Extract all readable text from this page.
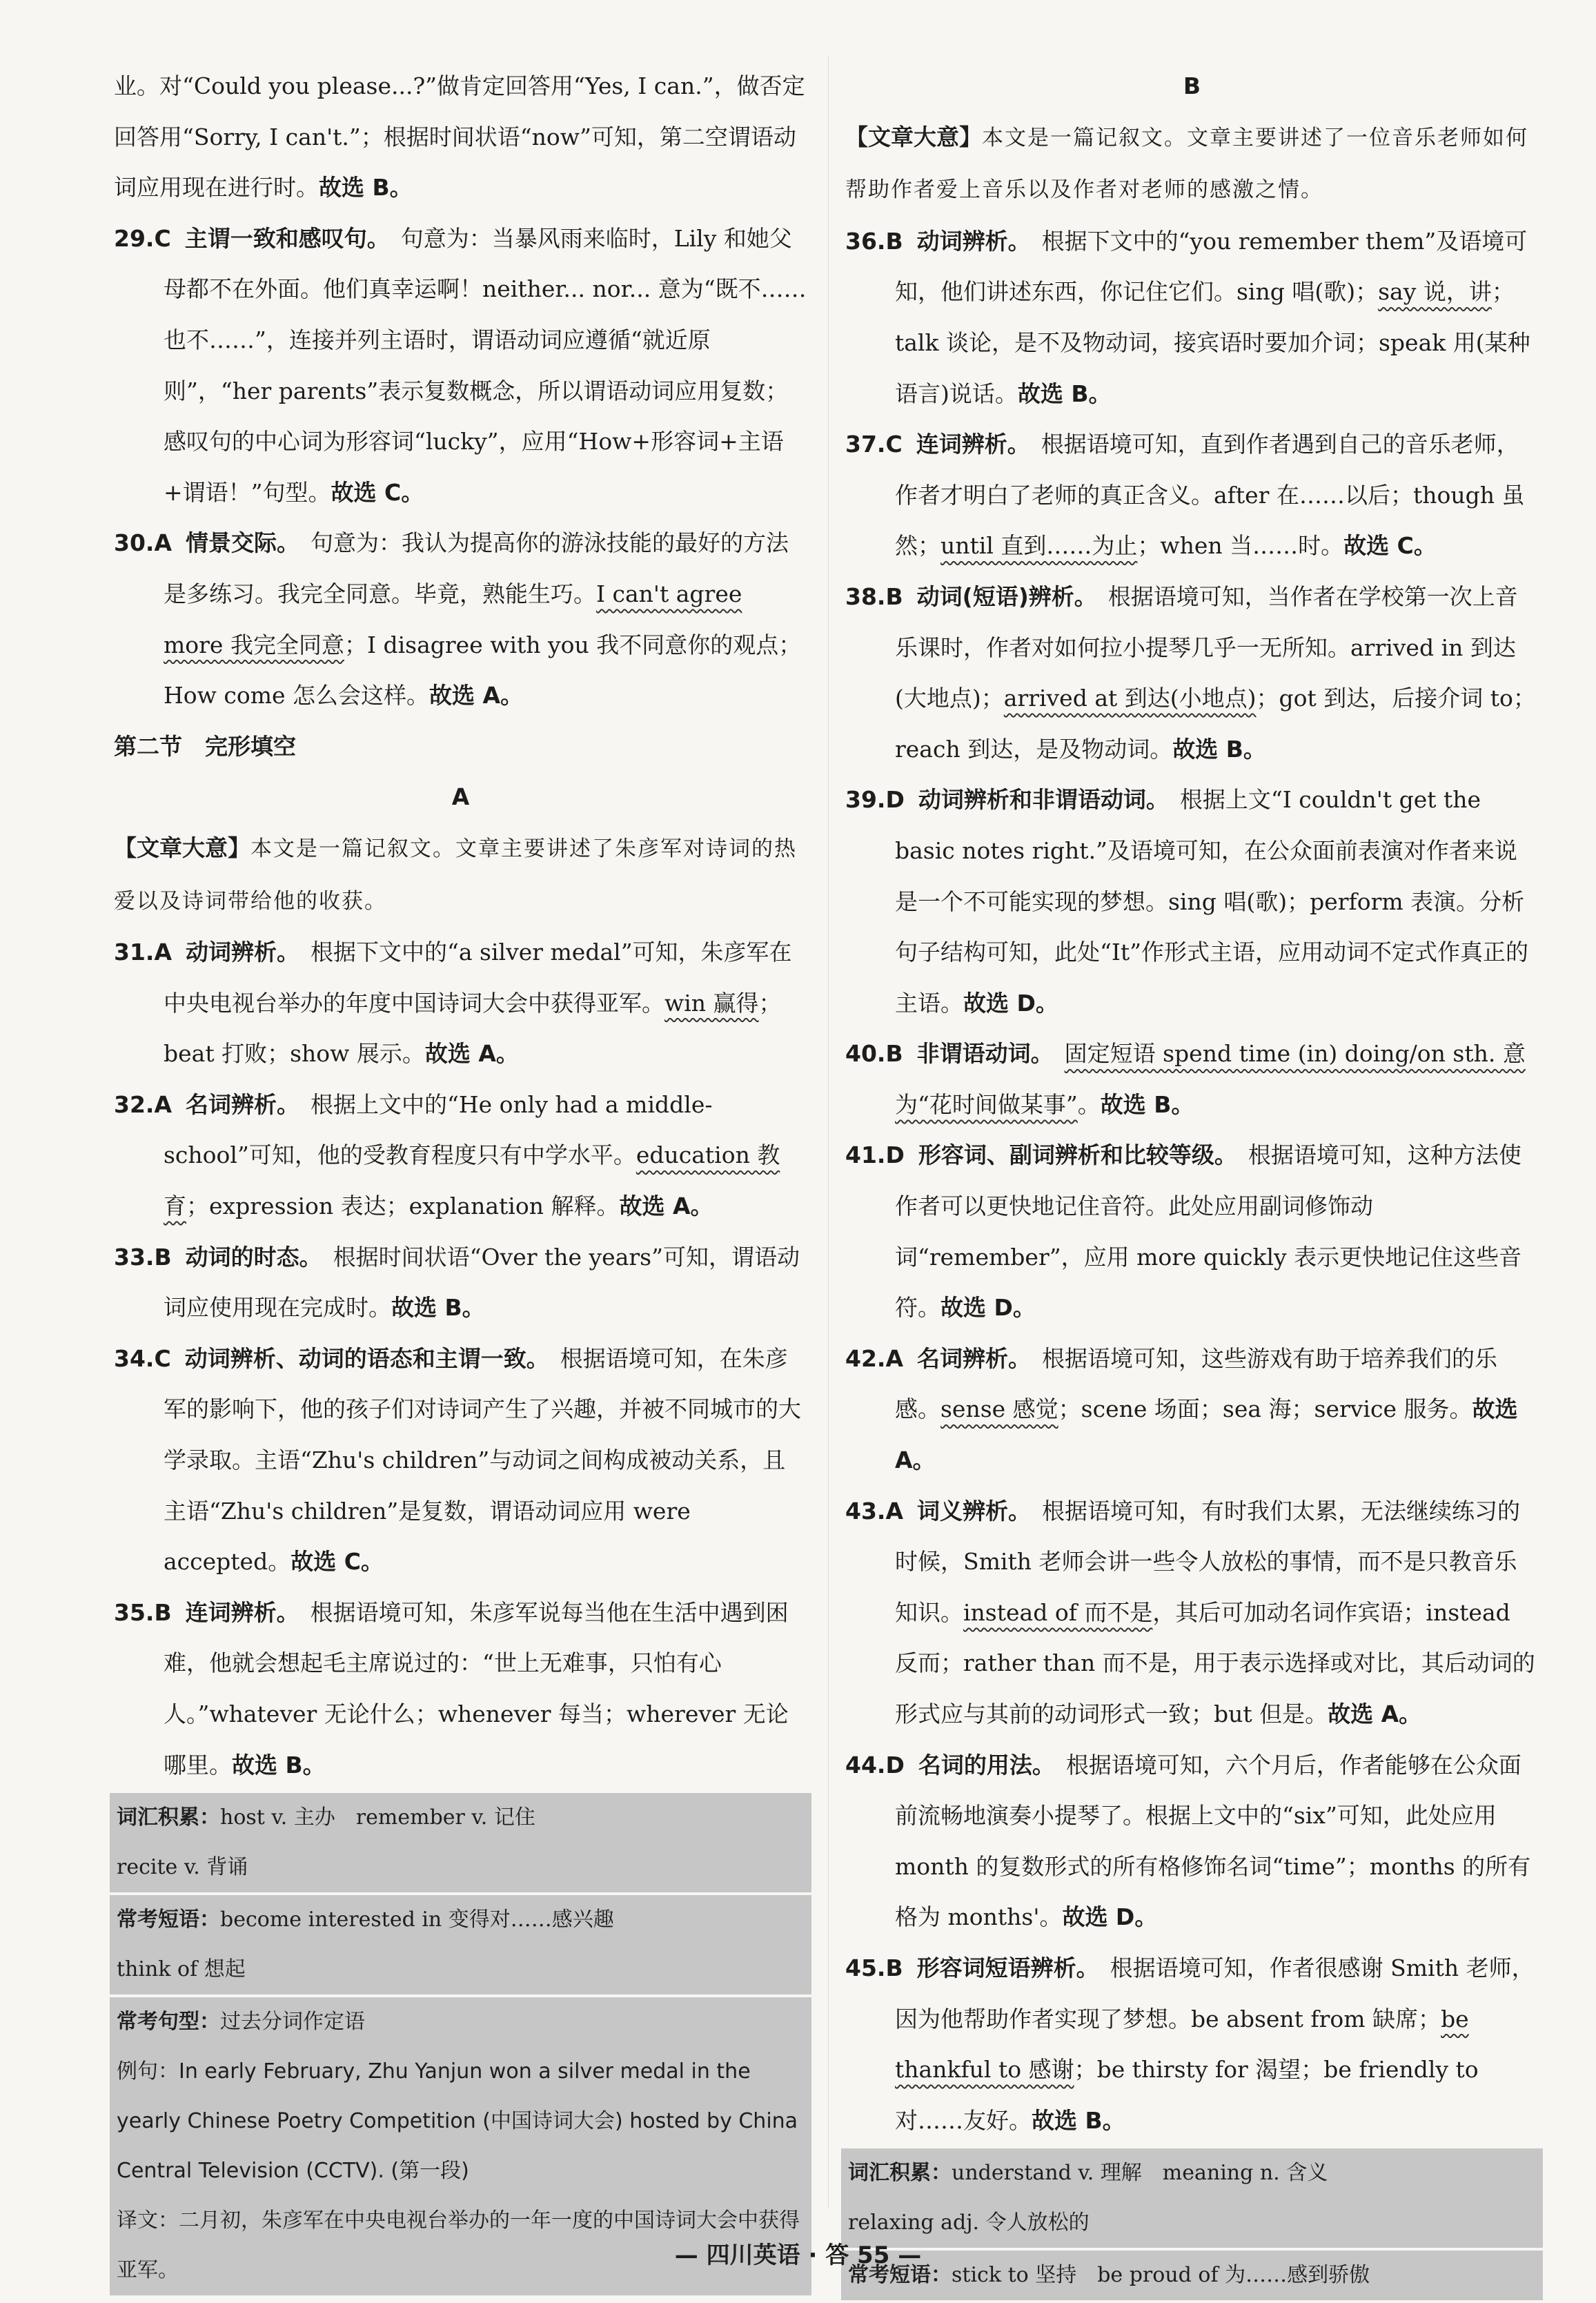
业。对“Could you please...?”做肯定回答用“Yes, I can.”，做否定回答用“Sorry, I can't.”；根据时间状语“now”可知，第二空谓语动词应用现在进行时。故选 B。
29.C 主谓一致和感叹句。 句意为：当暴风雨来临时，Lily 和她父母都不在外面。他们真幸运啊！neither... nor... 意为“既不……也不……”，连接并列主语时，谓语动词应遵循“就近原则”，“her parents”表示复数概念，所以谓语动词应用复数；感叹句的中心词为形容词“lucky”，应用“How+形容词+主语+谓语！”句型。故选 C。
30.A 情景交际。 句意为：我认为提高你的游泳技能的最好的方法是多练习。我完全同意。毕竟，熟能生巧。I can't agree more 我完全同意；I disagree with you 我不同意你的观点；How come 怎么会这样。故选 A。
第二节　完形填空
A
【文章大意】本文是一篇记叙文。文章主要讲述了朱彦军对诗词的热爱以及诗词带给他的收获。
31.A 动词辨析。 根据下文中的“a silver medal”可知，朱彦军在中央电视台举办的年度中国诗词大会中获得亚军。win 赢得；beat 打败；show 展示。故选 A。
32.A 名词辨析。 根据上文中的“He only had a middle-school”可知，他的受教育程度只有中学水平。education 教育；expression 表达；explanation 解释。故选 A。
33.B 动词的时态。 根据时间状语“Over the years”可知，谓语动词应使用现在完成时。故选 B。
34.C 动词辨析、动词的语态和主谓一致。 根据语境可知，在朱彦军的影响下，他的孩子们对诗词产生了兴趣，并被不同城市的大学录取。主语“Zhu's children”与动词之间构成被动关系，且主语“Zhu's children”是复数，谓语动词应用 were accepted。故选 C。
35.B 连词辨析。 根据语境可知，朱彦军说每当他在生活中遇到困难，他就会想起毛主席说过的：“世上无难事，只怕有心人。”whatever 无论什么；whenever 每当；wherever 无论哪里。故选 B。
词汇积累：host v. 主办　remember v. 记住
recite v. 背诵
常考短语：become interested in 变得对……感兴趣
think of 想起
常考句型：过去分词作定语
例句：In early February, Zhu Yanjun won a silver medal in the yearly Chinese Poetry Competition (中国诗词大会) hosted by China Central Television (CCTV). (第一段)
译文：二月初，朱彦军在中央电视台举办的一年一度的中国诗词大会中获得亚军。
B
【文章大意】本文是一篇记叙文。文章主要讲述了一位音乐老师如何帮助作者爱上音乐以及作者对老师的感激之情。
36.B 动词辨析。 根据下文中的“you remember them”及语境可知，他们讲述东西，你记住它们。sing 唱(歌)；say 说，讲；talk 谈论，是不及物动词，接宾语时要加介词；speak 用(某种语言)说话。故选 B。
37.C 连词辨析。 根据语境可知，直到作者遇到自己的音乐老师，作者才明白了老师的真正含义。after 在……以后；though 虽然；until 直到……为止；when 当……时。故选 C。
38.B 动词(短语)辨析。 根据语境可知，当作者在学校第一次上音乐课时，作者对如何拉小提琴几乎一无所知。arrived in 到达(大地点)；arrived at 到达(小地点)；got 到达，后接介词 to；reach 到达，是及物动词。故选 B。
39.D 动词辨析和非谓语动词。 根据上文“I couldn't get the basic notes right.”及语境可知，在公众面前表演对作者来说是一个不可能实现的梦想。sing 唱(歌)；perform 表演。分析句子结构可知，此处“It”作形式主语，应用动词不定式作真正的主语。故选 D。
40.B 非谓语动词。 固定短语 spend time (in) doing/on sth. 意为“花时间做某事”。故选 B。
41.D 形容词、副词辨析和比较等级。 根据语境可知，这种方法使作者可以更快地记住音符。此处应用副词修饰动词“remember”，应用 more quickly 表示更快地记住这些音符。故选 D。
42.A 名词辨析。 根据语境可知，这些游戏有助于培养我们的乐感。sense 感觉；scene 场面；sea 海；service 服务。故选A。
43.A 词义辨析。 根据语境可知，有时我们太累，无法继续练习的时候，Smith 老师会讲一些令人放松的事情，而不是只教音乐知识。instead of 而不是，其后可加动名词作宾语；instead 反而；rather than 而不是，用于表示选择或对比，其后动词的形式应与其前的动词形式一致；but 但是。故选 A。
44.D 名词的用法。 根据语境可知，六个月后，作者能够在公众面前流畅地演奏小提琴了。根据上文中的“six”可知，此处应用 month 的复数形式的所有格修饰名词“time”；months 的所有格为 months'。故选 D。
45.B 形容词短语辨析。 根据语境可知，作者很感谢 Smith 老师，因为他帮助作者实现了梦想。be absent from 缺席；be thankful to 感谢；be thirsty for 渴望；be friendly to 对……友好。故选 B。
词汇积累：understand v. 理解　meaning n. 含义
relaxing adj. 令人放松的
常考短语：stick to 坚持　be proud of 为……感到骄傲
— 四川英语 · 答 55 —
